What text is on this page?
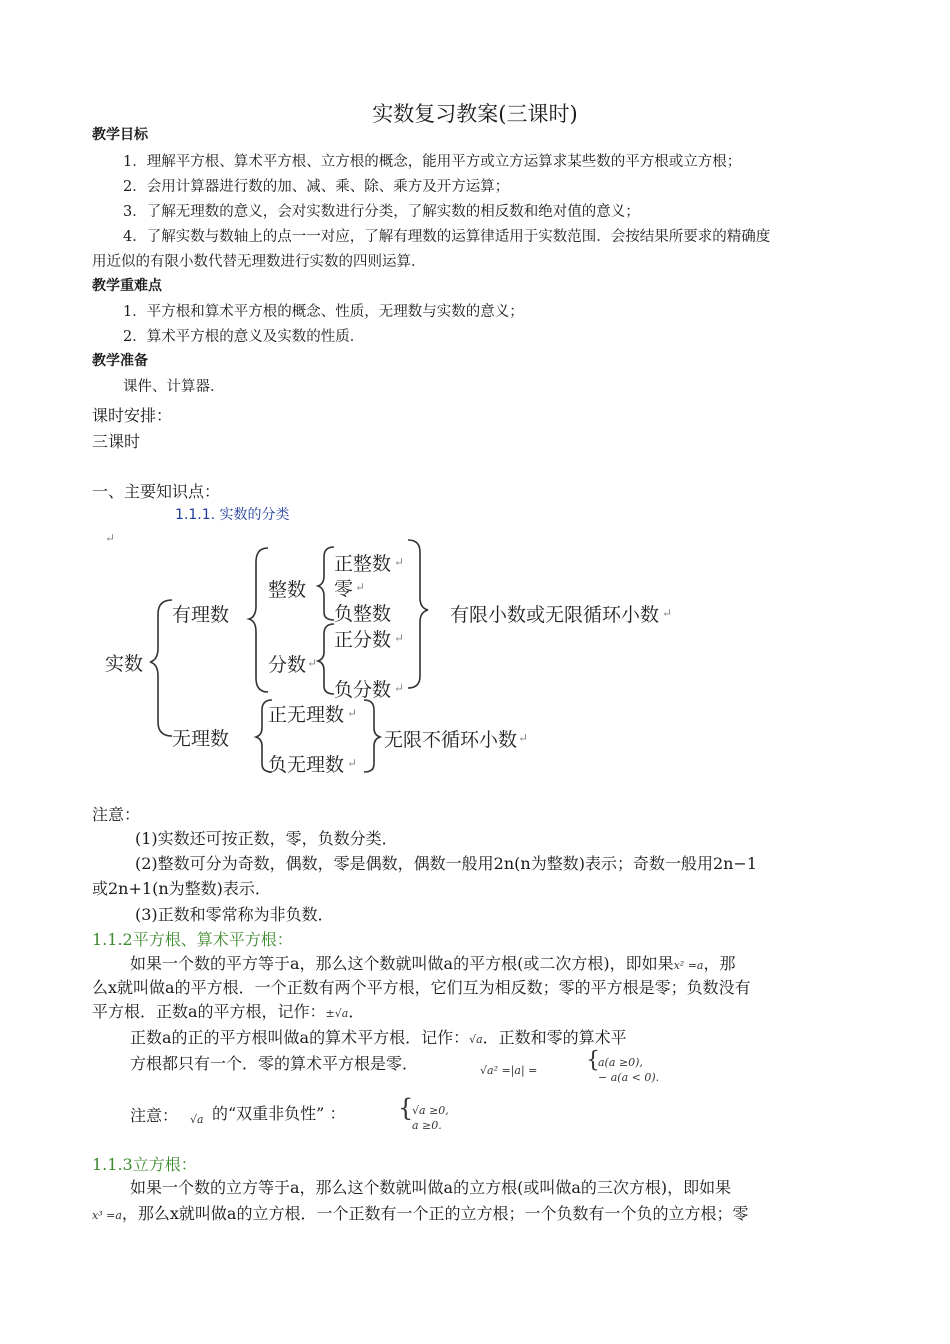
实数复习教案(三课时)
教学目标
1．理解平方根、算术平方根、立方根的概念，能用平方或立方运算求某些数的平方根或立方根；
2．会用计算器进行数的加、减、乘、除、乘方及开方运算；
3．了解无理数的意义，会对实数进行分类，了解实数的相反数和绝对值的意义；
4．了解实数与数轴上的点一一对应，了解有理数的运算律适用于实数范围．会按结果所要求的精确度
用近似的有限小数代替无理数进行实数的四则运算．
教学重难点
1．平方根和算术平方根的概念、性质，无理数与实数的意义；
2．算术平方根的意义及实数的性质．
教学准备
课件、计算器．
课时安排：
三课时
一、主要知识点：
1.1.1. 实数的分类
↵
实数
有理数
整数
分数 ↵
正整数 ↵
零 ↵
负整数
正分数 ↵
负分数 ↵
有限小数或无限循环小数 ↵
无理数
正无理数 ↵
负无理数 ↵
无限不循环小数 ↵
注意：
(1)实数还可按正数，零，负数分类．
(2)整数可分为奇数，偶数，零是偶数，偶数一般用2n(n为整数)表示；奇数一般用2n−1
或2n+1(n为整数)表示．
(3)正数和零常称为非负数．
1.1.2平方根、算术平方根：
如果一个数的平方等于a，那么这个数就叫做a的平方根(或二次方根)，即如果x² =a，那
么x就叫做a的平方根．一个正数有两个平方根，它们互为相反数；零的平方根是零；负数没有
平方根．正数a的平方根，记作：±√a．
正数a的正的平方根叫做a的算术平方根．记作：√a．正数和零的算术平
方根都只有一个．零的算术平方根是零．	√a² =|a| = {
a(a ≥0),
− a(a < 0).
注意： √a 的“双重非负性” ： {
√a ≥0,
a ≥0.
1.1.3立方根：
如果一个数的立方等于a，那么这个数就叫做a的立方根(或叫做a的三次方根)，即如果
x³ =a，那么x就叫做a的立方根．一个正数有一个正的立方根；一个负数有一个负的立方根；零
